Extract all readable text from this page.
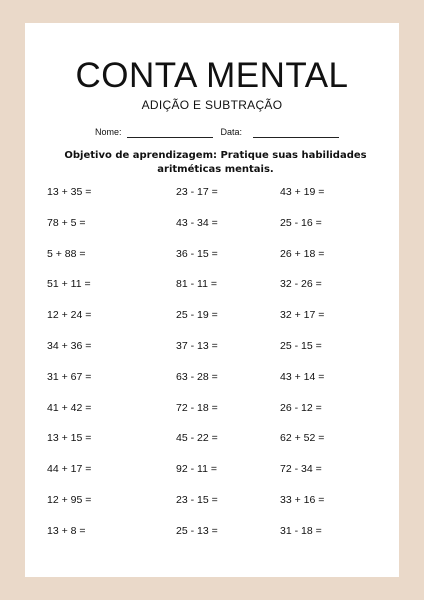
CONTA MENTAL
ADIÇÃO E SUBTRAÇÃO
Nome:	Data:
Objetivo de aprendizagem: Pratique suas habilidades aritméticas mentais.
13 + 35 =	23 - 17 =	43 + 19 =
78 + 5 =	43 - 34 =	25 - 16 =
5 + 88 =	36 - 15 =	26 + 18 =
51 + 11 =	81 - 11 =	32 - 26 =
12 + 24 =	25 - 19 =	32 + 17 =
34 + 36 =	37 - 13 =	25 - 15 =
31 + 67 =	63 - 28 =	43 + 14 =
41 + 42 =	72 - 18 =	26 - 12 =
13 + 15 =	45 - 22 =	62 + 52 =
44 + 17 =	92 - 11 =	72 - 34 =
12 + 95 =	23 - 15 =	33 + 16 =
13 + 8 =	25 - 13 =	31 - 18 =
